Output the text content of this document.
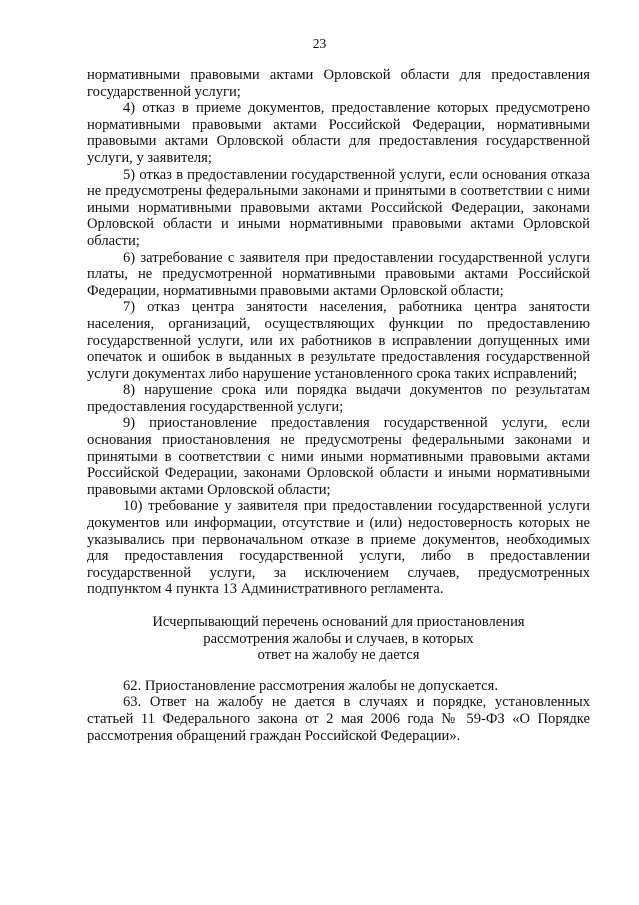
23

нормативными правовыми актами Орловской области для предоставления государственной услуги;

4) отказ в приеме документов, предоставление которых предусмотрено нормативными правовыми актами Российской Федерации, нормативными правовыми актами Орловской области для предоставления государственной услуги, у заявителя;

5) отказ в предоставлении государственной услуги, если основания отказа не предусмотрены федеральными законами и принятыми в соответствии с ними иными нормативными правовыми актами Российской Федерации, законами Орловской области и иными нормативными правовыми актами Орловской области;

6) затребование с заявителя при предоставлении государственной услуги платы, не предусмотренной нормативными правовыми актами Российской Федерации, нормативными правовыми актами Орловской области;

7) отказ центра занятости населения, работника центра занятости населения, организаций, осуществляющих функции по предоставлению государственной услуги, или их работников в исправлении допущенных ими опечаток и ошибок в выданных в результате предоставления государственной услуги документах либо нарушение установленного срока таких исправлений;

8) нарушение срока или порядка выдачи документов по результатам предоставления государственной услуги;

9) приостановление предоставления государственной услуги, если основания приостановления не предусмотрены федеральными законами и принятыми в соответствии с ними иными нормативными правовыми актами Российской Федерации, законами Орловской области и иными нормативными правовыми актами Орловской области;

10) требование у заявителя при предоставлении государственной услуги документов или информации, отсутствие и (или) недостоверность которых не указывались при первоначальном отказе в приеме документов, необходимых для предоставления государственной услуги, либо в предоставлении государственной услуги, за исключением случаев, предусмотренных подпунктом 4 пункта 13 Административного регламента.

Исчерпывающий перечень оснований для приостановления
рассмотрения жалобы и случаев, в которых
ответ на жалобу не дается

62. Приостановление рассмотрения жалобы не допускается.

63. Ответ на жалобу не дается в случаях и порядке, установленных статьей 11 Федерального закона от 2 мая 2006 года № 59-ФЗ «О Порядке рассмотрения обращений граждан Российской Федерации».
